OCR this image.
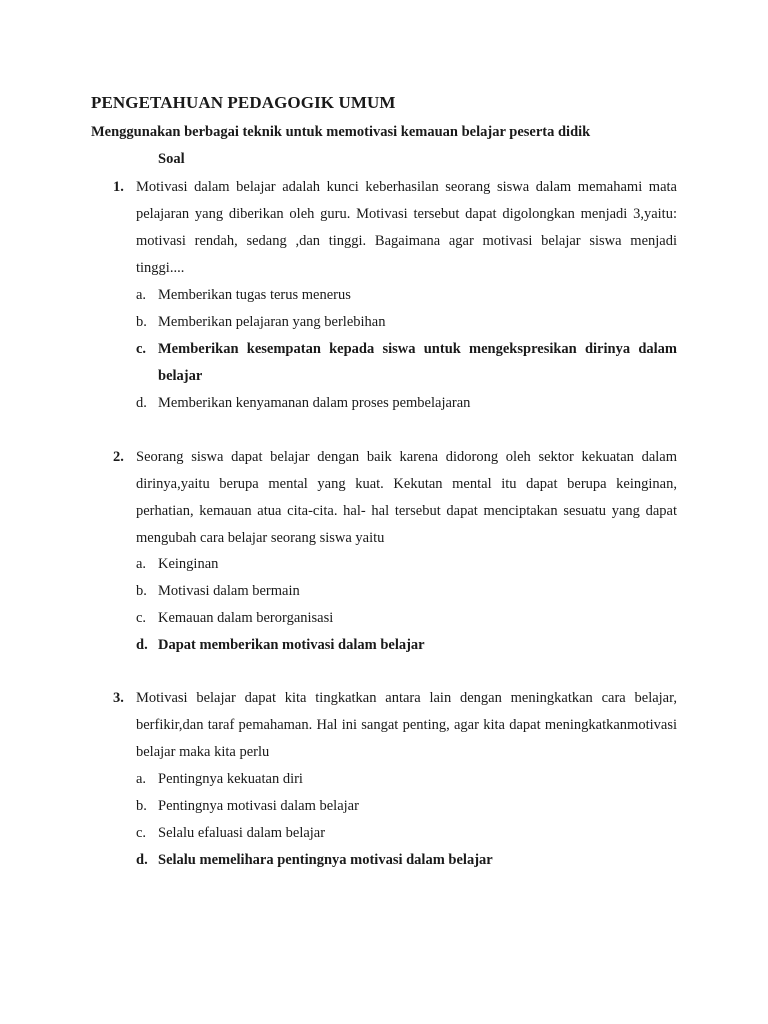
PENGETAHUAN PEDAGOGIK UMUM
Menggunakan berbagai teknik untuk memotivasi kemauan belajar peserta didik
Soal
1. Motivasi dalam belajar adalah kunci keberhasilan seorang siswa dalam memahami mata pelajaran yang diberikan oleh guru. Motivasi tersebut dapat digolongkan menjadi 3,yaitu: motivasi rendah, sedang ,dan tinggi. Bagaimana agar motivasi belajar siswa menjadi tinggi....
a. Memberikan tugas terus menerus
b. Memberikan pelajaran yang berlebihan
c. Memberikan kesempatan kepada siswa untuk mengekspresikan dirinya dalam belajar
d. Memberikan kenyamanan dalam proses pembelajaran
2. Seorang siswa dapat belajar dengan baik karena didorong oleh sektor kekuatan dalam dirinya,yaitu berupa mental yang kuat. Kekutan mental itu dapat berupa keinginan, perhatian, kemauan atua cita-cita. hal- hal tersebut dapat menciptakan sesuatu yang dapat mengubah cara belajar seorang siswa yaitu
a. Keinginan
b. Motivasi dalam bermain
c. Kemauan dalam berorganisasi
d. Dapat memberikan motivasi dalam belajar
3. Motivasi belajar dapat kita tingkatkan antara lain dengan meningkatkan cara belajar, berfikir,dan taraf pemahaman. Hal ini sangat penting, agar kita dapat meningkatkanmotivasi belajar maka kita perlu
a. Pentingnya kekuatan diri
b. Pentingnya motivasi dalam belajar
c. Selalu efaluasi dalam belajar
d. Selalu memelihara pentingnya motivasi dalam belajar
